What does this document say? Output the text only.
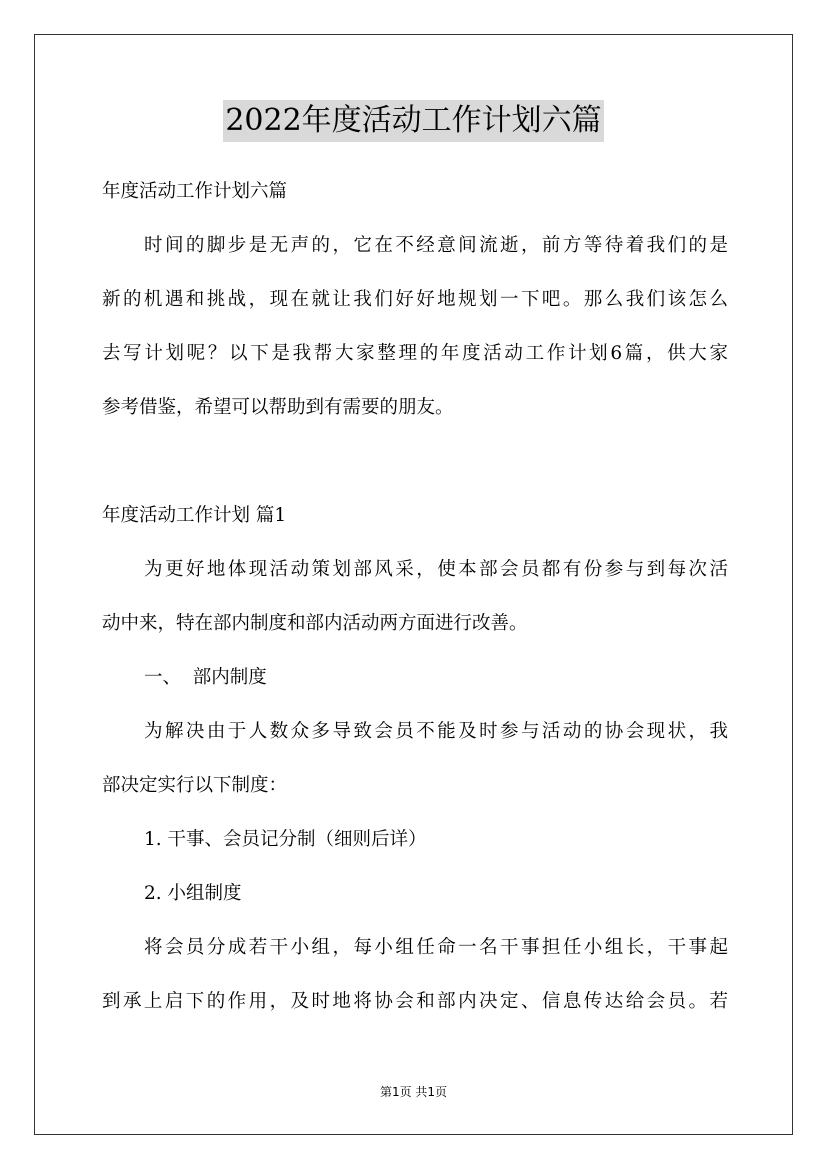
2022年度活动工作计划六篇
年度活动工作计划六篇
时间的脚步是无声的，它在不经意间流逝，前方等待着我们的是
新的机遇和挑战，现在就让我们好好地规划一下吧。那么我们该怎么
去写计划呢？以下是我帮大家整理的年度活动工作计划6篇，供大家
参考借鉴，希望可以帮助到有需要的朋友。
年度活动工作计划 篇1
为更好地体现活动策划部风采，使本部会员都有份参与到每次活
动中来，特在部内制度和部内活动两方面进行改善。
一、  部内制度
为解决由于人数众多导致会员不能及时参与活动的协会现状，我
部决定实行以下制度：
1. 干事、会员记分制（细则后详）
2. 小组制度
将会员分成若干小组，每小组任命一名干事担任小组长，干事起
到承上启下的作用，及时地将协会和部内决定、信息传达给会员。若
第1页 共1页
